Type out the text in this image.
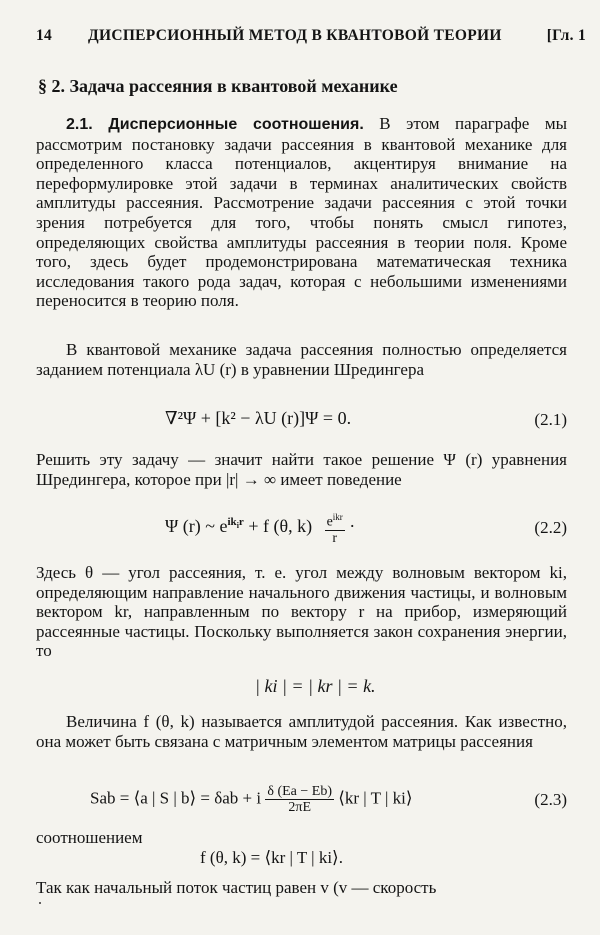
14 ДИСПЕРСИОННЫЙ МЕТОД В КВАНТОВОЙ ТЕОРИИ	[Гл. 1
§ 2. Задача рассеяния в квантовой механике
2.1. Дисперсионные соотношения. В этом параграфе мы рассмотрим постановку задачи рассеяния в квантовой механике для определенного класса потенциалов, акцентируя внимание на переформулировке этой задачи в терминах аналитических свойств амплитуды рассеяния. Рассмотрение задачи рассеяния с этой точки зрения потребуется для того, чтобы понять смысл гипотез, определяющих свойства амплитуды рассеяния в теории поля. Кроме того, здесь будет продемонстрирована математическая техника исследования такого рода задач, которая с небольшими изменениями переносится в теорию поля.
В квантовой механике задача рассеяния полностью определяется заданием потенциала λU (r) в уравнении Шредингера
∇²Ψ + [k² − λU (r)]Ψ = 0.	(2.1)
Решить эту задачу — значит найти такое решение Ψ (r) уравнения Шредингера, которое при |r| → ∞ имеет поведение
Ψ (r) ~ $e^{ik_ir} + f$ (θ, k) $e^{ikr}$
r
·	(2.2)
Здесь θ — угол рассеяния, т. е. угол между волновым вектором ki, определяющим направление начального движения частицы, и волновым вектором kr, направленным по вектору r на прибор, измеряющий рассеянные частицы. Поскольку выполняется закон сохранения энергии, то
| ki | = | kr | = k.
Величина f (θ, k) называется амплитудой рассеяния. Как известно, она может быть связана с матричным элементом матрицы рассеяния
Sab = ⟨a | S | b⟩ = δab + i $\frac{\delta (Ea - Eb)}{2\pi E}$ ⟨kr | T | ki⟩	(2.3)
соотношением
f (θ, k) = ⟨kr | T | ki⟩.
Так как начальный поток частиц равен v (v — скорость
